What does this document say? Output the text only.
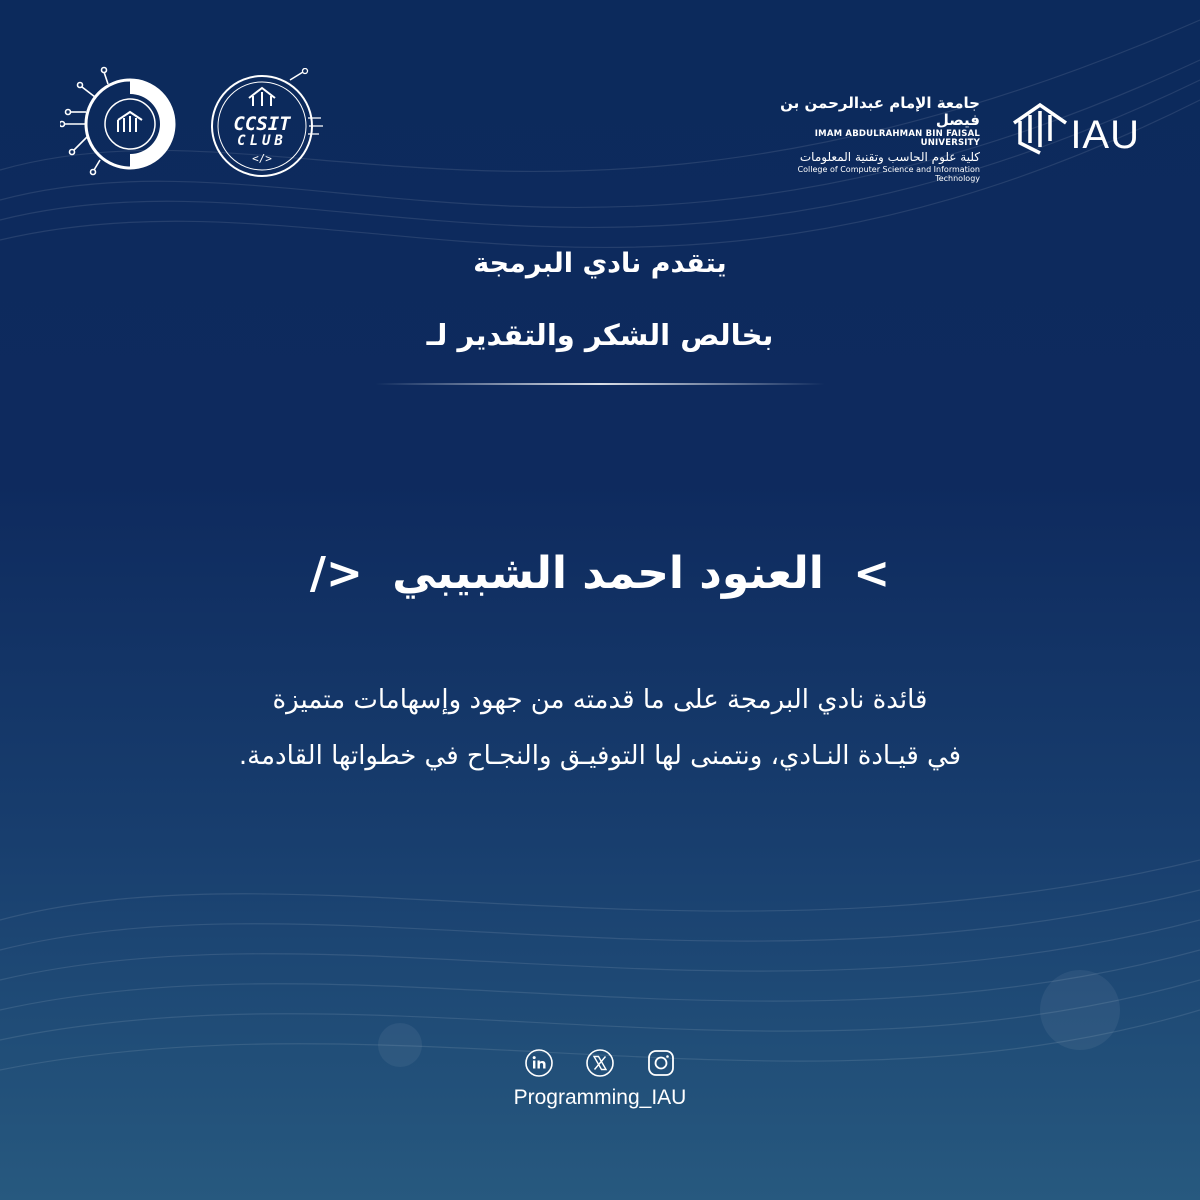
CCSIT
CLUB
</>
جامعة الإمام عبدالرحمن بن فيصل
IMAM ABDULRAHMAN BIN FAISAL UNIVERSITY
كلية علوم الحاسب وتقنية المعلومات
College of Computer Science and Information Technology
IAU
يتقدم نادي البرمجة
بخالص الشكر والتقدير لـ
/> العنود احمد الشبيبي <
قائدة نادي البرمجة على ما قدمته من جهود وإسهامات متميزة
في قيـادة النـادي، ونتمنى لها التوفيـق والنجـاح في خطواتها القادمة.

Programming_IAU
